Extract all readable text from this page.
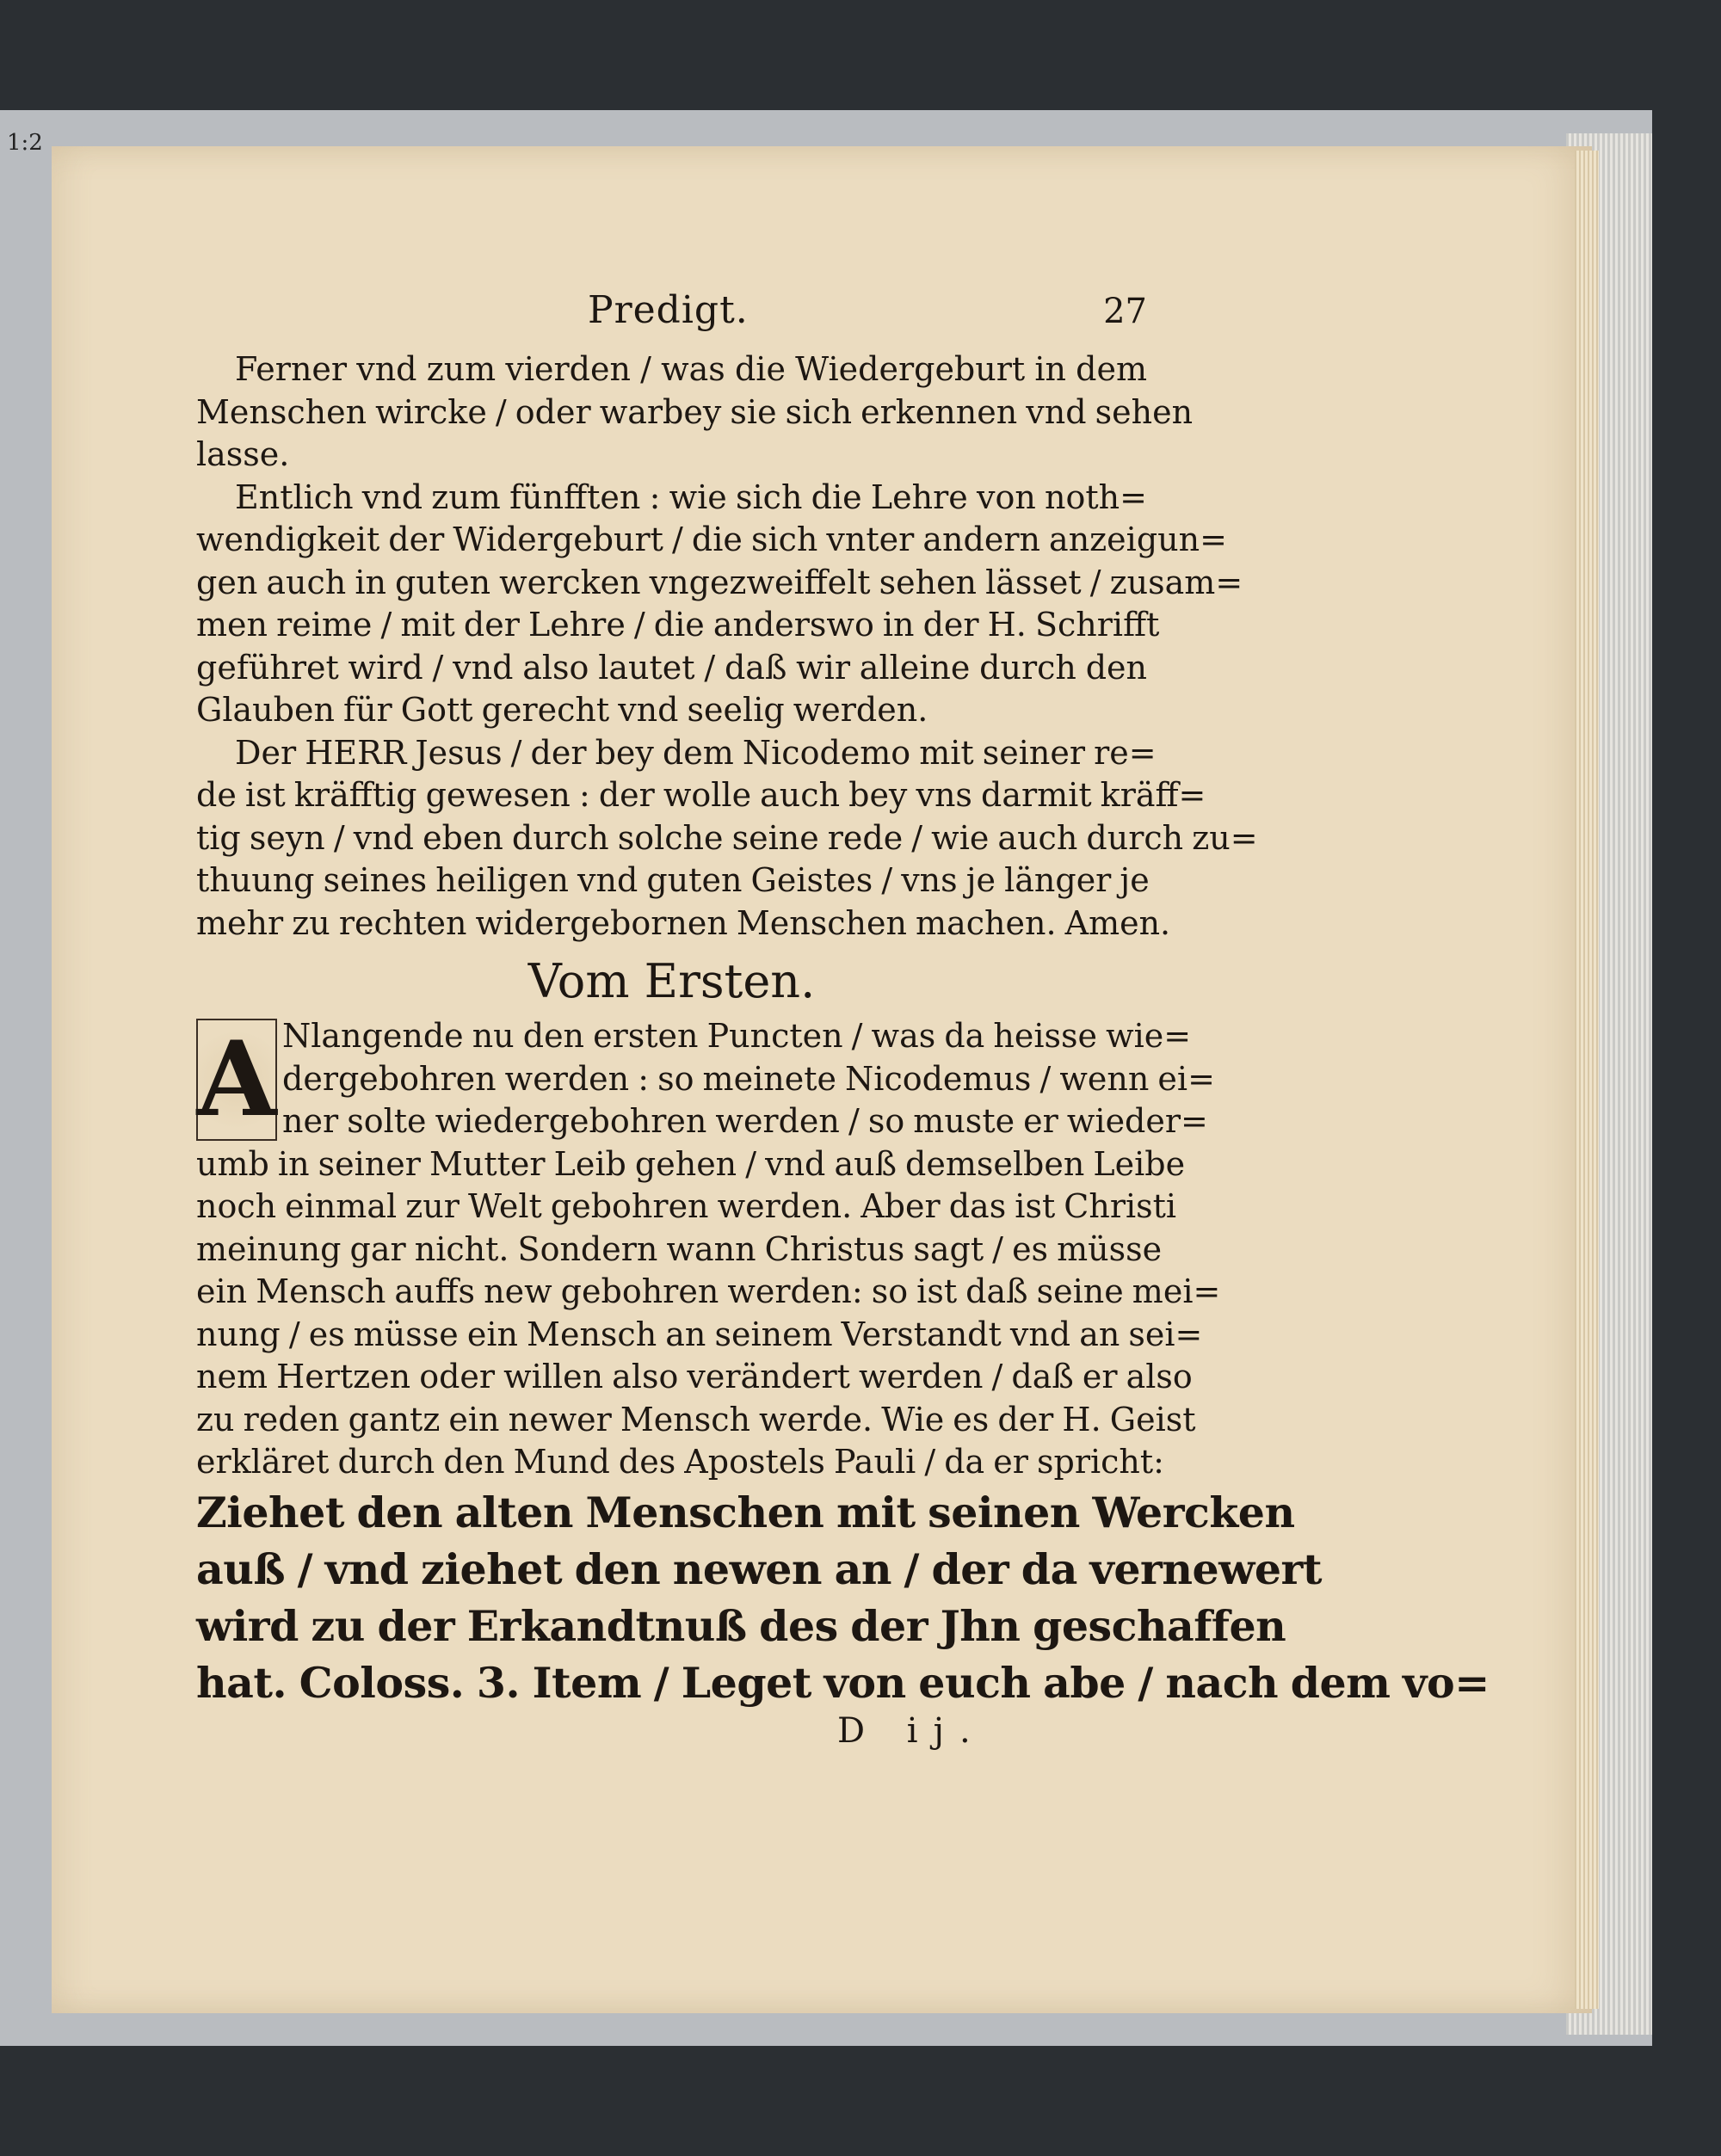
1:2
Predigt.	27
Ferner vnd zum vierden / was die Wiedergeburt in dem
Menschen wircke / oder warbey sie sich erkennen vnd sehen
lasse.
Entlich vnd zum fünfften : wie sich die Lehre von noth=
wendigkeit der Widergeburt / die sich vnter andern anzeigun=
gen auch in guten wercken vngezweiffelt sehen lässet / zusam=
men reime / mit der Lehre / die anderswo in der H. Schrifft
geführet wird / vnd also lautet / daß wir alleine durch den
Glauben für Gott gerecht vnd seelig werden.
Der HERR Jesus / der bey dem Nicodemo mit seiner re=
de ist kräfftig gewesen : der wolle auch bey vns darmit kräff=
tig seyn / vnd eben durch solche seine rede / wie auch durch zu=
thuung seines heiligen vnd guten Geistes / vns je länger je
mehr zu rechten widergebornen Menschen machen. Amen.
Vom Ersten.
A Nlangende nu den ersten Puncten / was da heisse wie=
dergebohren werden : so meinete Nicodemus / wenn ei=
ner solte wiedergebohren werden / so muste er wieder=
umb in seiner Mutter Leib gehen / vnd auß demselben Leibe
noch einmal zur Welt gebohren werden. Aber das ist Christi
meinung gar nicht. Sondern wann Christus sagt / es müsse
ein Mensch auffs new gebohren werden: so ist daß seine mei=
nung / es müsse ein Mensch an seinem Verstandt vnd an sei=
nem Hertzen oder willen also verändert werden / daß er also
zu reden gantz ein newer Mensch werde. Wie es der H. Geist
erkläret durch den Mund des Apostels Pauli / da er spricht:
Ziehet den alten Menschen mit seinen Wercken
auß / vnd ziehet den newen an / der da vernewert
wird zu der Erkandtnuß des der Jhn geschaffen
hat. Coloss. 3. Item / Leget von euch abe / nach dem vo=
D ij.
